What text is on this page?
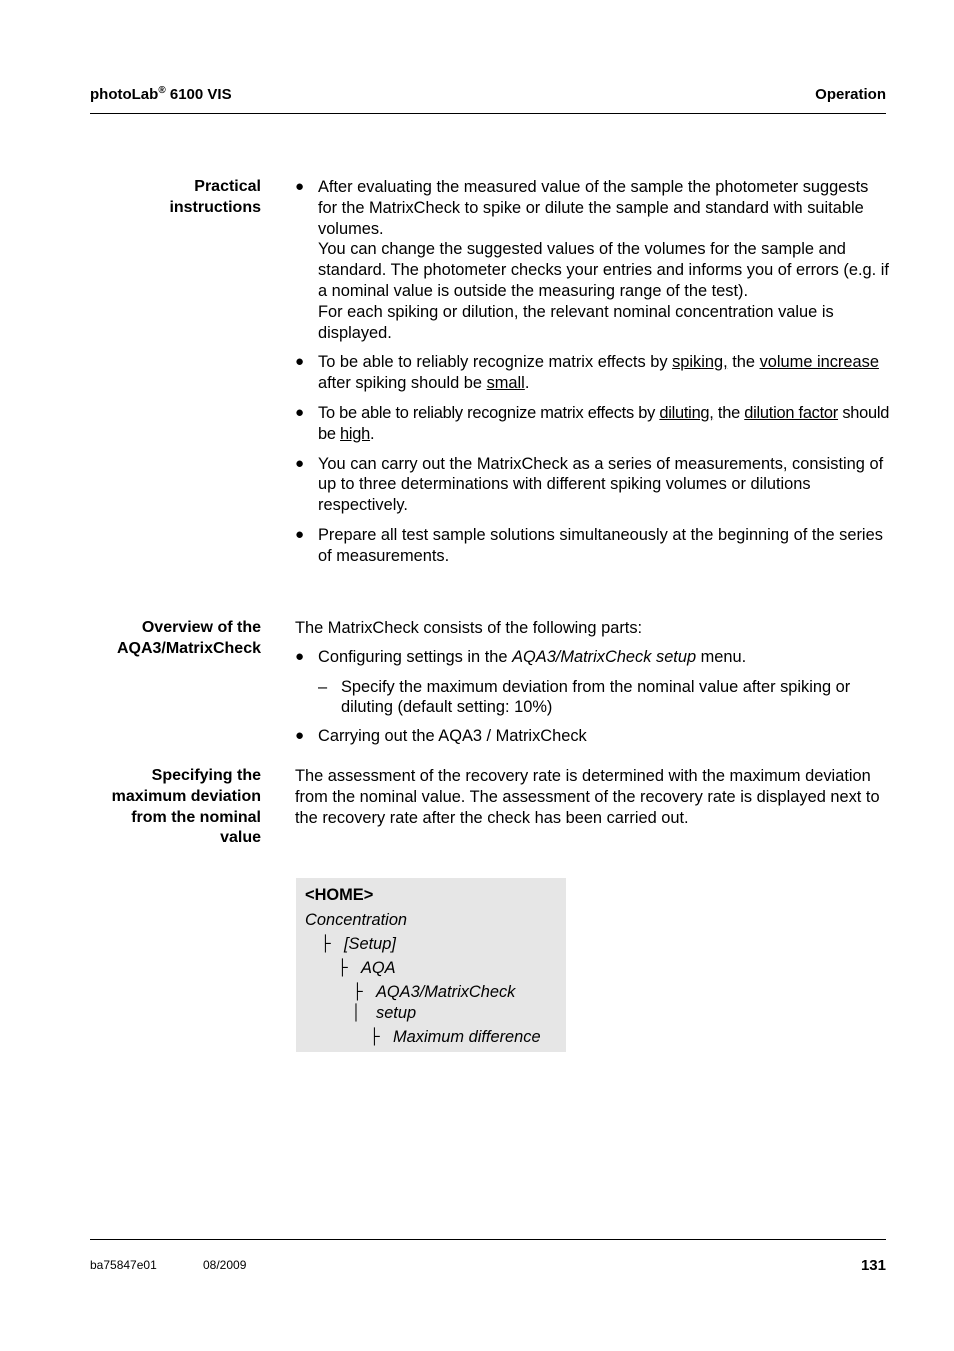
photoLab® 6100 VIS	Operation
Practical
instructions
● After evaluating the measured value of the sample the photometer suggests for the MatrixCheck to spike or dilute the sample and standard with suitable volumes.

You can change the suggested values of the volumes for the sample and standard. The photometer checks your entries and informs you of errors (e.g. if a nominal value is outside the measuring range of the test).

For each spiking or dilution, the relevant nominal concentration value is displayed.

● To be able to reliably recognize matrix effects by spiking, the volume increase after spiking should be small.

● To be able to reliably recognize matrix effects by diluting, the dilution factor should be high.

● You can carry out the MatrixCheck as a series of measurements, consisting of up to three determinations with different spiking volumes or dilutions respectively.

● Prepare all test sample solutions simultaneously at the beginning of the series of measurements.

Overview of the
AQA3/MatrixCheck

The MatrixCheck consists of the following parts:

● Configuring settings in the AQA3/MatrixCheck setup menu.

– Specify the maximum deviation from the nominal value after spiking or diluting (default setting: 10%)

● Carrying out the AQA3 / MatrixCheck

Specifying the
maximum deviation
from the nominal
value

The assessment of the recovery rate is determined with the maximum deviation from the nominal value. The assessment of the recovery rate is displayed next to the recovery rate after the check has been carried out.

<HOME>
Concentration
├ [Setup]
├ AQA
├
│
AQA3/MatrixCheck
setup
├ Maximum difference
ba75847e01	08/2009	131
